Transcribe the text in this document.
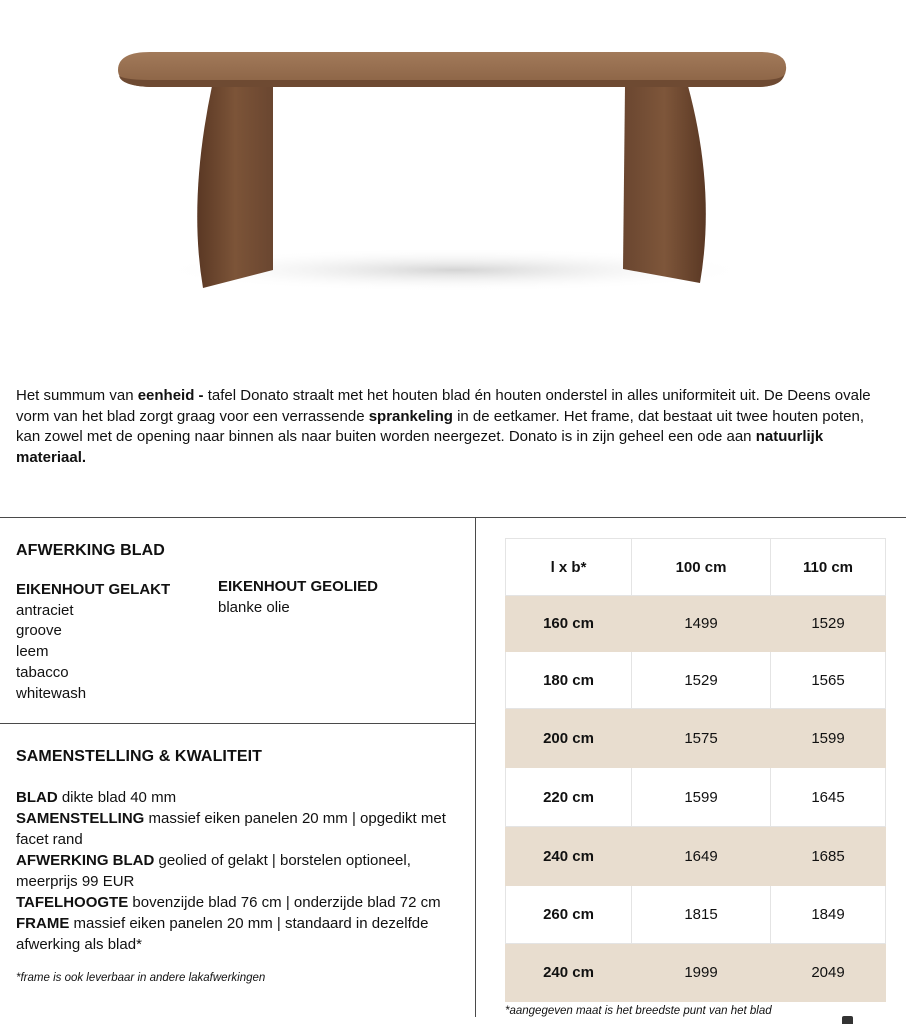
Het summum van eenheid - tafel Donato straalt met het houten blad én houten onderstel in alles uniformiteit uit. De Deens ovale vorm van het blad zorgt graag voor een verrassende sprankeling in de eetkamer. Het frame, dat bestaat uit twee houten poten, kan zowel met de opening naar binnen als naar buiten worden neergezet. Donato is in zijn geheel een ode aan natuurlijk materiaal.

AFWERKING BLAD
EIKENHOUT GELAKT
antraciet
groove
leem
tabacco
whitewash
EIKENHOUT GEOLIED
blanke olie
SAMENSTELLING & KWALITEIT
BLAD dikte blad 40 mm
SAMENSTELLING massief eiken panelen 20 mm | opgedikt met facet rand
AFWERKING BLAD geolied of gelakt | borstelen optioneel, meerprijs 99 EUR
TAFELHOOGTE bovenzijde blad 76 cm | onderzijde blad 72 cm
FRAME massief eiken panelen 20 mm | standaard in dezelfde afwerking als blad*
*frame is ook leverbaar in andere lakafwerkingen
l x b*	100 cm	110 cm
160 cm	1499	1529
180 cm	1529	1565
200 cm	1575	1599
220 cm	1599	1645
240 cm	1649	1685
260 cm	1815	1849
240 cm	1999	2049
*aangegeven maat is het breedste punt van het blad
